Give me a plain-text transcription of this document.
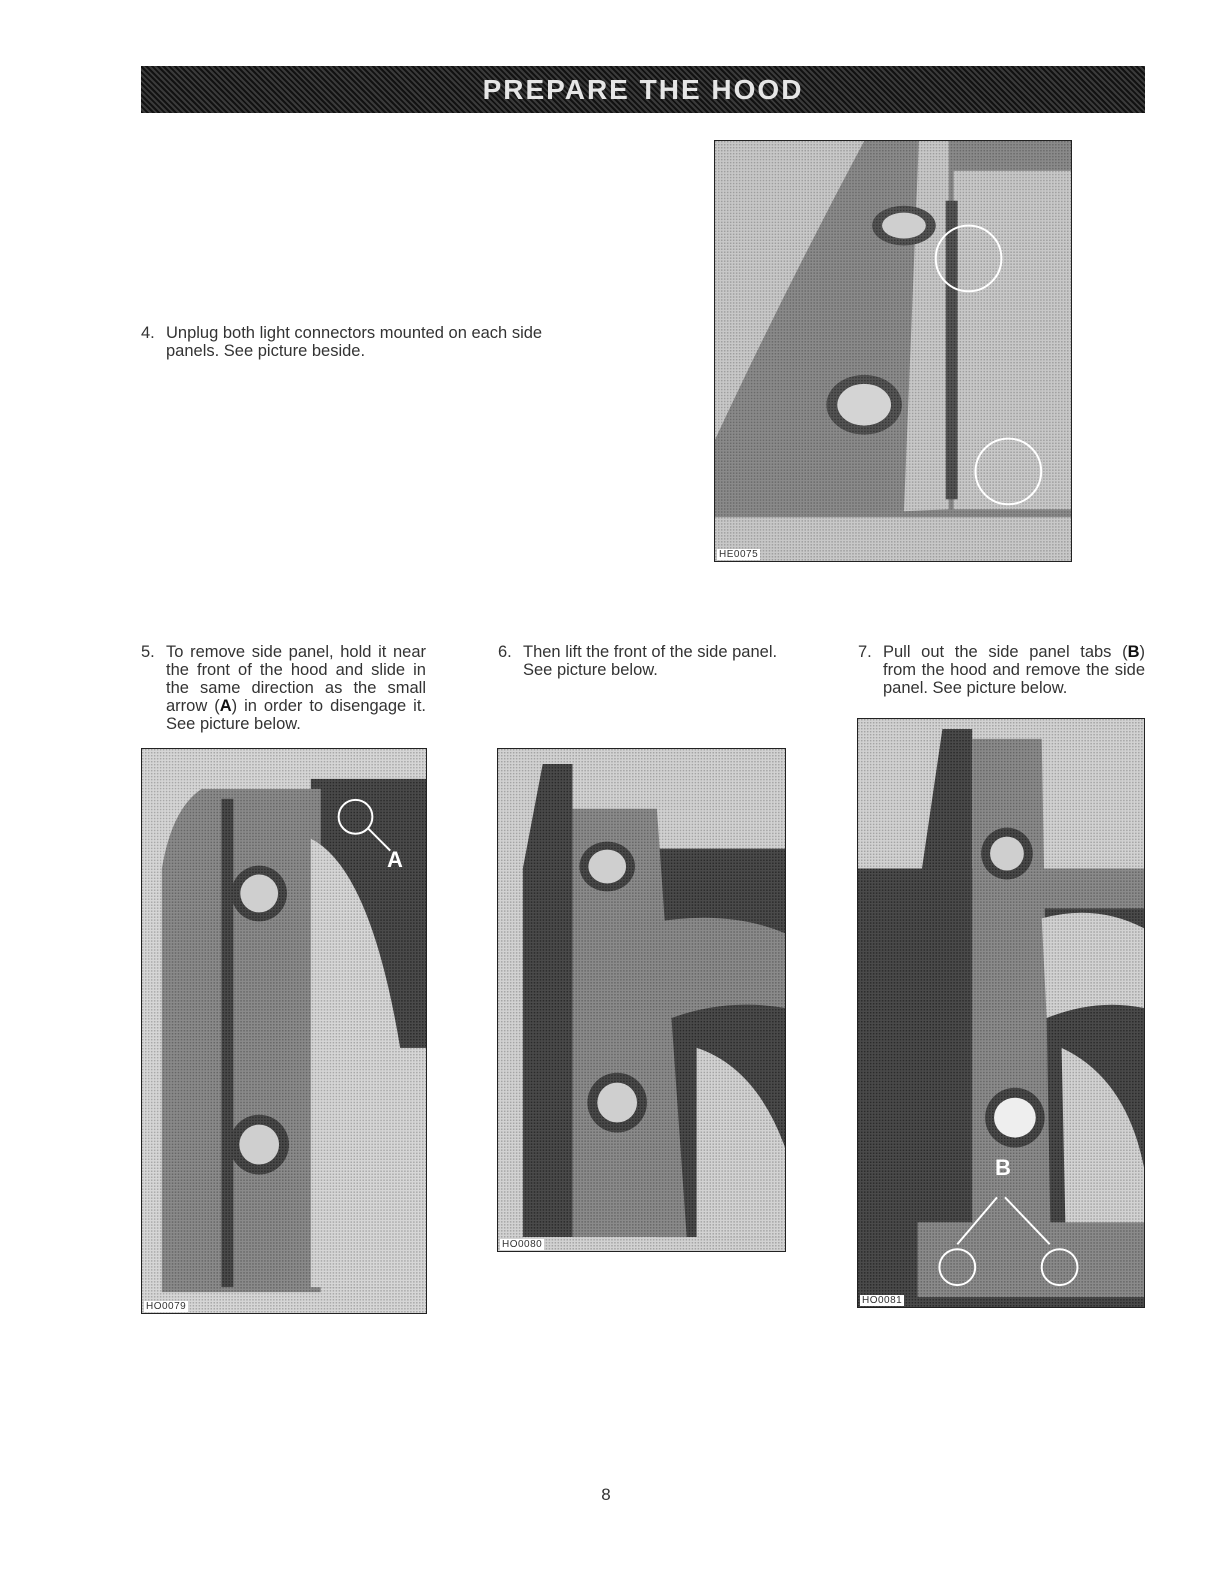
PREPARE THE HOOD
4. Unplug both light connectors mounted on each side panels. See picture beside.
HE0075
5. To remove side panel, hold it near the front of the hood and slide in the same direction as the small arrow (A) in order to disengage it. See picture below.
6. Then lift the front of the side panel. See picture below.
7. Pull out the side panel tabs (B) from the hood and remove the side panel. See picture below.
A
HO0079
HO0080
B
HO0081
8
